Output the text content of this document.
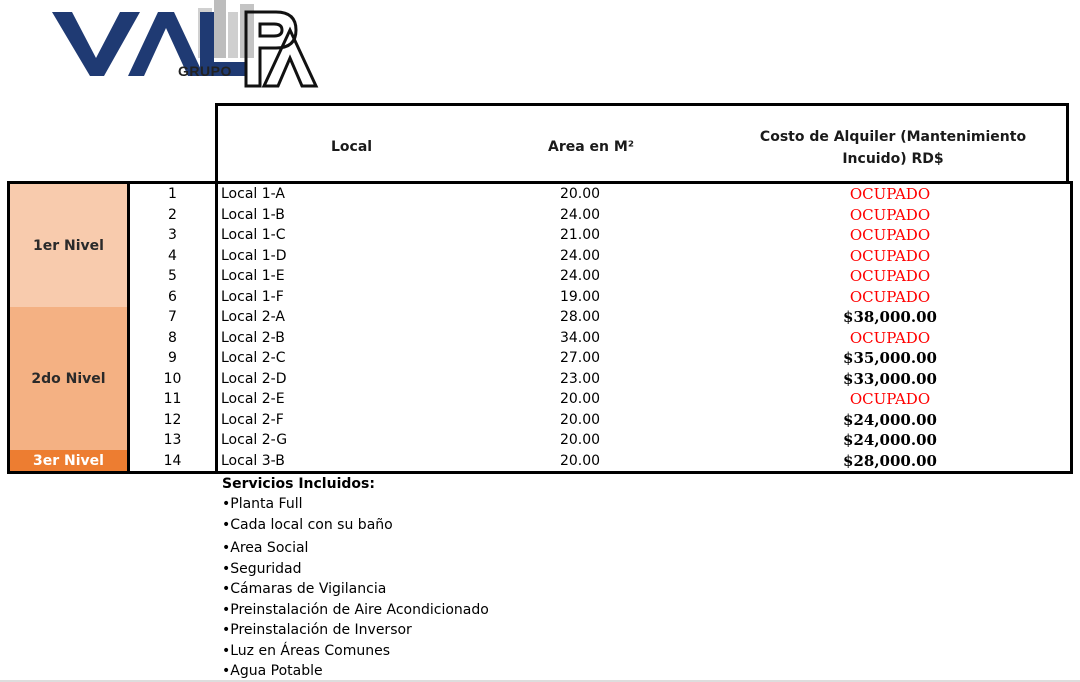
GRUPO
Local	Area en M²
Costo de Alquiler (Mantenimiento
Incuido) RD$
1er Nivel
2do Nivel
3er Nivel
1	Local 1-A	20.00	OCUPADO
2	Local 1-B	24.00	OCUPADO
3	Local 1-C	21.00	OCUPADO
4	Local 1-D	24.00	OCUPADO
5	Local 1-E	24.00	OCUPADO
6	Local 1-F	19.00	OCUPADO
7	Local 2-A	28.00	$38,000.00
8	Local 2-B	34.00	OCUPADO
9	Local 2-C	27.00	$35,000.00
10	Local 2-D	23.00	$33,000.00
11	Local 2-E	20.00	OCUPADO
12	Local 2-F	20.00	$24,000.00
13	Local 2-G	20.00	$24,000.00
14	Local 3-B	20.00	$28,000.00
Servicios Incluidos:
•Planta Full
•Cada local con su baño
•Area Social
•Seguridad
•Cámaras de Vigilancia
•Preinstalación de Aire Acondicionado
•Preinstalación de Inversor
•Luz en Áreas Comunes
•Agua Potable
